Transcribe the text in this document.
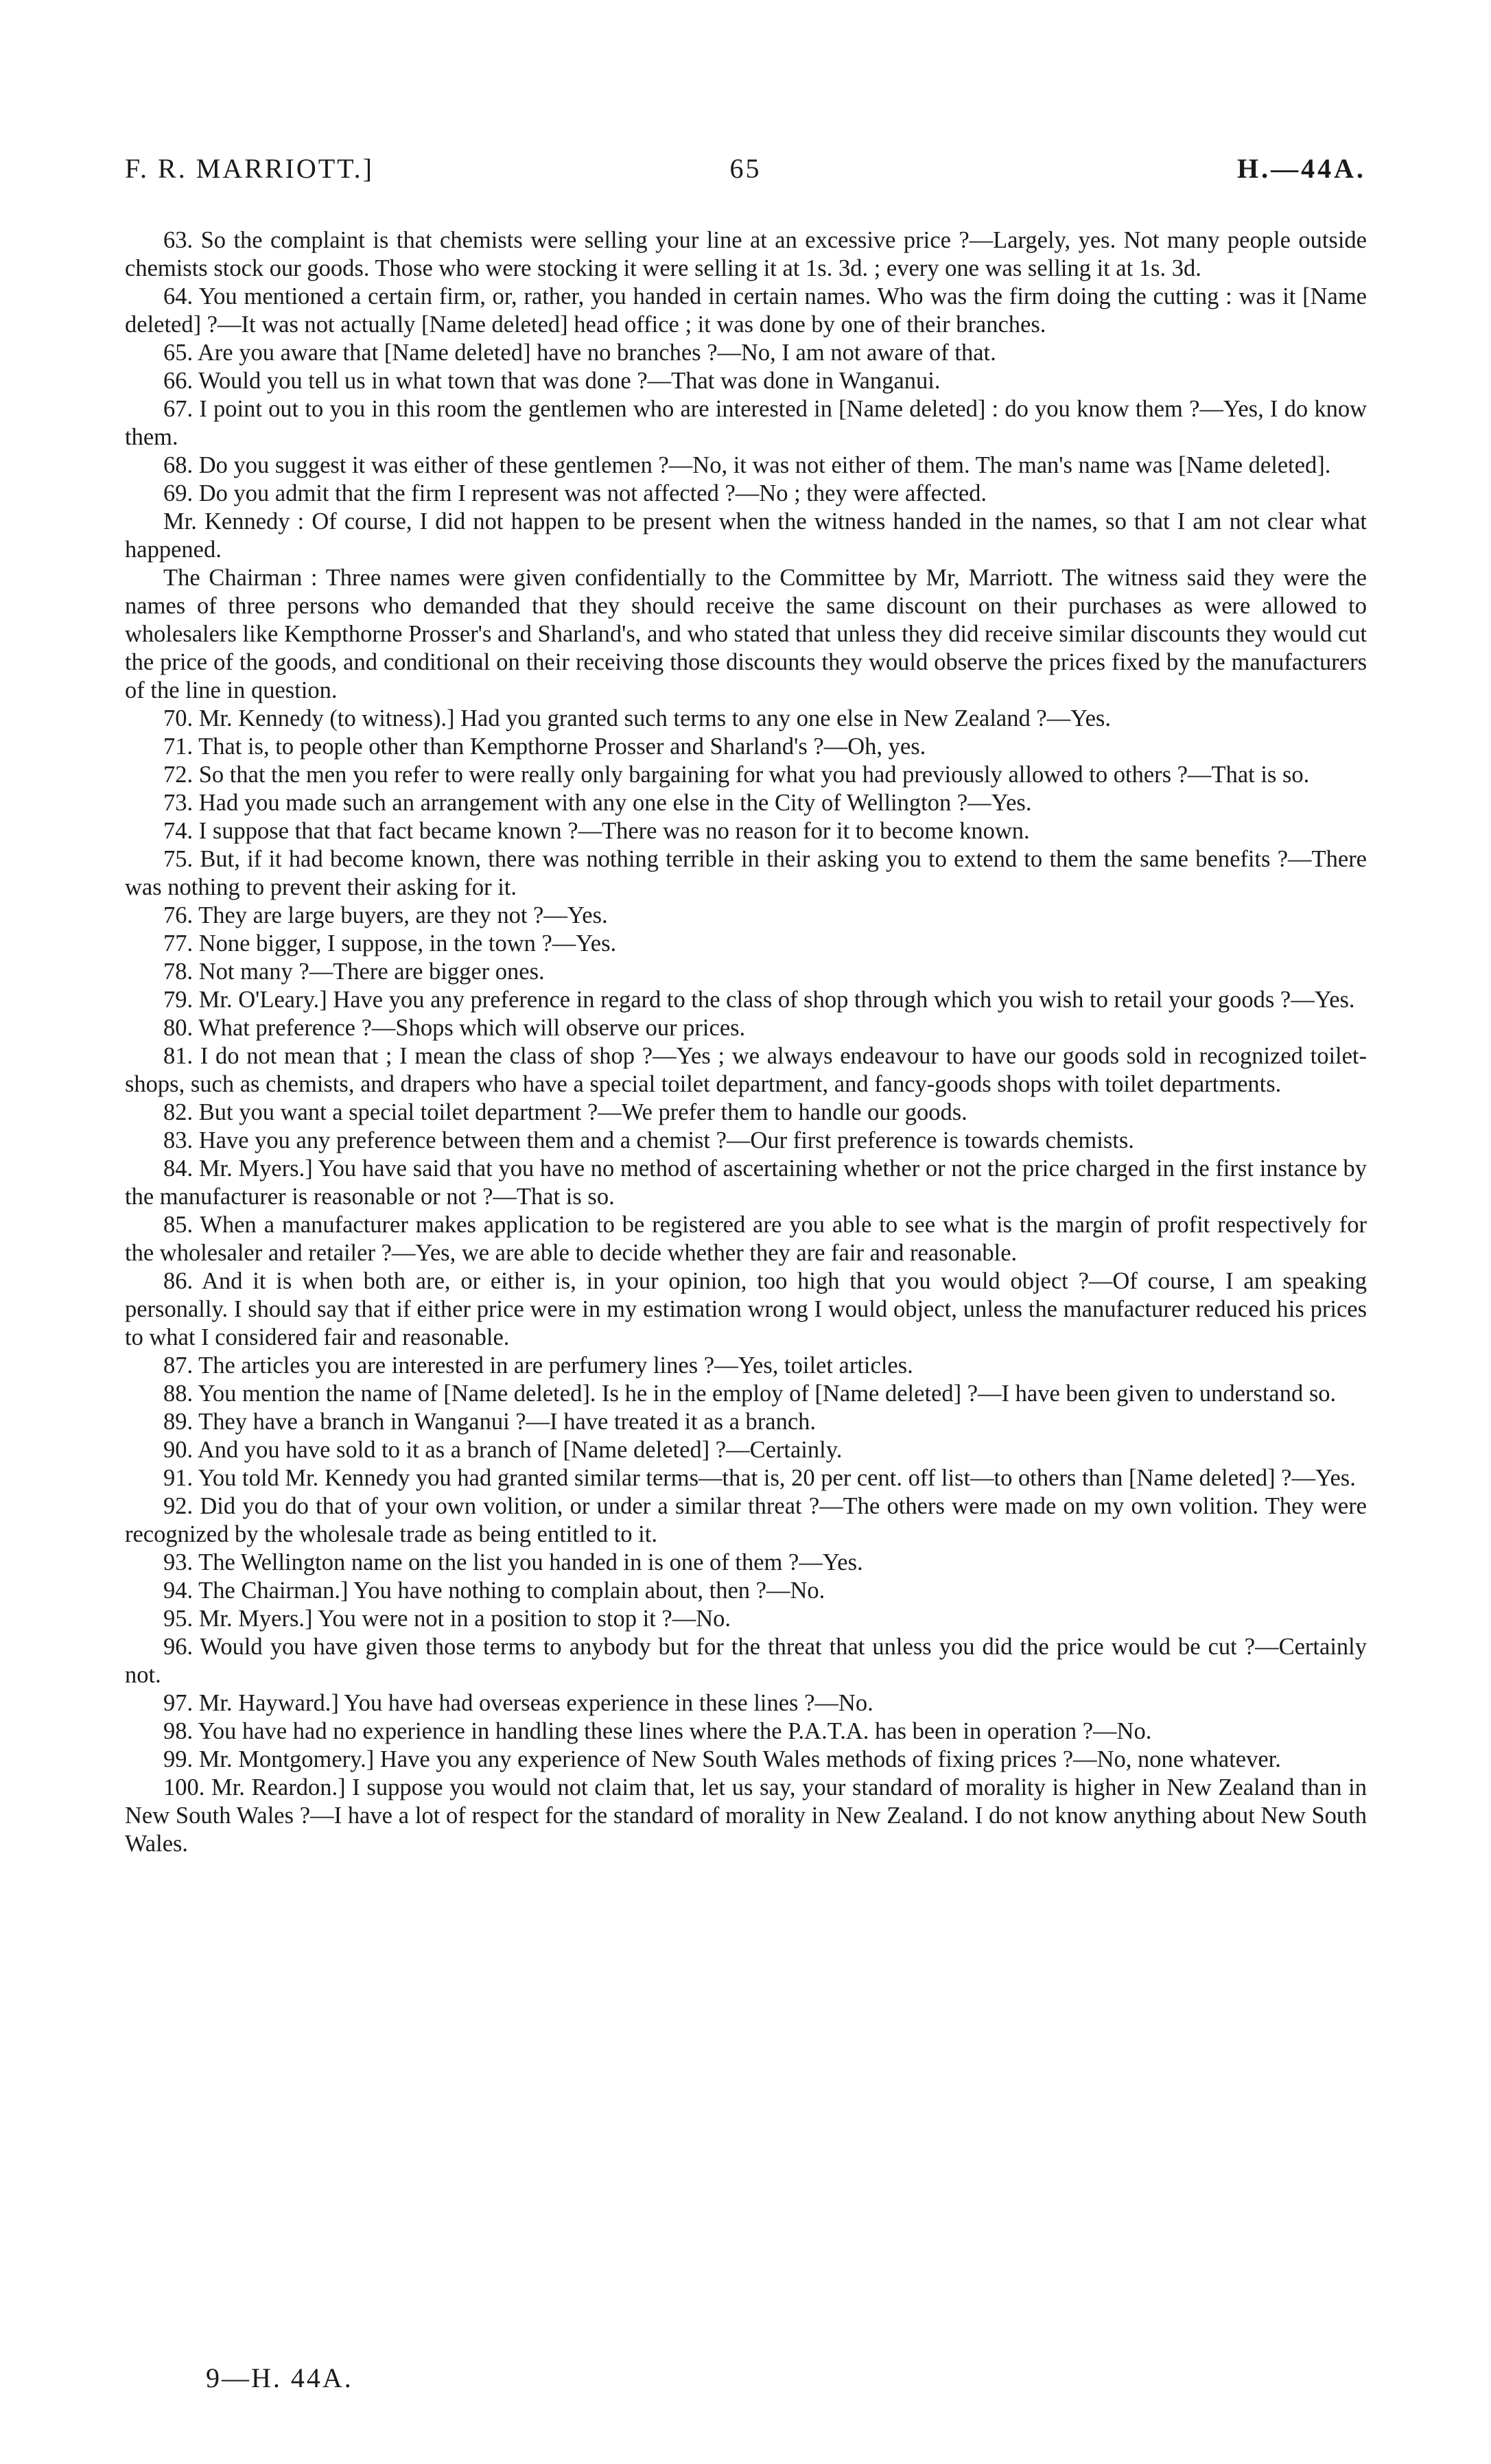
F. R. MARRIOTT.]	65	H.—44A.

63. So the complaint is that chemists were selling your line at an excessive price ?—Largely, yes. Not many people outside chemists stock our goods. Those who were stocking it were selling it at 1s. 3d. ; every one was selling it at 1s. 3d.

64. You mentioned a certain firm, or, rather, you handed in certain names. Who was the firm doing the cutting : was it [Name deleted] ?—It was not actually [Name deleted] head office ; it was done by one of their branches.

65. Are you aware that [Name deleted] have no branches ?—No, I am not aware of that.

66. Would you tell us in what town that was done ?—That was done in Wanganui.

67. I point out to you in this room the gentlemen who are interested in [Name deleted] : do you know them ?—Yes, I do know them.

68. Do you suggest it was either of these gentlemen ?—No, it was not either of them. The man's name was [Name deleted].

69. Do you admit that the firm I represent was not affected ?—No ; they were affected.

Mr. Kennedy : Of course, I did not happen to be present when the witness handed in the names, so that I am not clear what happened.

The Chairman : Three names were given confidentially to the Committee by Mr, Marriott. The witness said they were the names of three persons who demanded that they should receive the same discount on their purchases as were allowed to wholesalers like Kempthorne Prosser's and Sharland's, and who stated that unless they did receive similar discounts they would cut the price of the goods, and conditional on their receiving those discounts they would observe the prices fixed by the manufacturers of the line in question.

70. Mr. Kennedy (to witness).] Had you granted such terms to any one else in New Zealand ?—Yes.

71. That is, to people other than Kempthorne Prosser and Sharland's ?—Oh, yes.

72. So that the men you refer to were really only bargaining for what you had previously allowed to others ?—That is so.

73. Had you made such an arrangement with any one else in the City of Wellington ?—Yes.

74. I suppose that that fact became known ?—There was no reason for it to become known.

75. But, if it had become known, there was nothing terrible in their asking you to extend to them the same benefits ?—There was nothing to prevent their asking for it.

76. They are large buyers, are they not ?—Yes.

77. None bigger, I suppose, in the town ?—Yes.

78. Not many ?—There are bigger ones.

79. Mr. O'Leary.] Have you any preference in regard to the class of shop through which you wish to retail your goods ?—Yes.

80. What preference ?—Shops which will observe our prices.

81. I do not mean that ; I mean the class of shop ?—Yes ; we always endeavour to have our goods sold in recognized toilet-shops, such as chemists, and drapers who have a special toilet department, and fancy-goods shops with toilet departments.

82. But you want a special toilet department ?—We prefer them to handle our goods.

83. Have you any preference between them and a chemist ?—Our first preference is towards chemists.

84. Mr. Myers.] You have said that you have no method of ascertaining whether or not the price charged in the first instance by the manufacturer is reasonable or not ?—That is so.

85. When a manufacturer makes application to be registered are you able to see what is the margin of profit respectively for the wholesaler and retailer ?—Yes, we are able to decide whether they are fair and reasonable.

86. And it is when both are, or either is, in your opinion, too high that you would object ?—Of course, I am speaking personally. I should say that if either price were in my estimation wrong I would object, unless the manufacturer reduced his prices to what I considered fair and reasonable.

87. The articles you are interested in are perfumery lines ?—Yes, toilet articles.

88. You mention the name of [Name deleted]. Is he in the employ of [Name deleted] ?—I have been given to understand so.

89. They have a branch in Wanganui ?—I have treated it as a branch.

90. And you have sold to it as a branch of [Name deleted] ?—Certainly.

91. You told Mr. Kennedy you had granted similar terms—that is, 20 per cent. off list—to others than [Name deleted] ?—Yes.

92. Did you do that of your own volition, or under a similar threat ?—The others were made on my own volition. They were recognized by the wholesale trade as being entitled to it.

93. The Wellington name on the list you handed in is one of them ?—Yes.

94. The Chairman.] You have nothing to complain about, then ?—No.

95. Mr. Myers.] You were not in a position to stop it ?—No.

96. Would you have given those terms to anybody but for the threat that unless you did the price would be cut ?—Certainly not.

97. Mr. Hayward.] You have had overseas experience in these lines ?—No.

98. You have had no experience in handling these lines where the P.A.T.A. has been in operation ?—No.

99. Mr. Montgomery.] Have you any experience of New South Wales methods of fixing prices ?—No, none whatever.

100. Mr. Reardon.] I suppose you would not claim that, let us say, your standard of morality is higher in New Zealand than in New South Wales ?—I have a lot of respect for the standard of morality in New Zealand. I do not know anything about New South Wales.

9—H. 44A.
